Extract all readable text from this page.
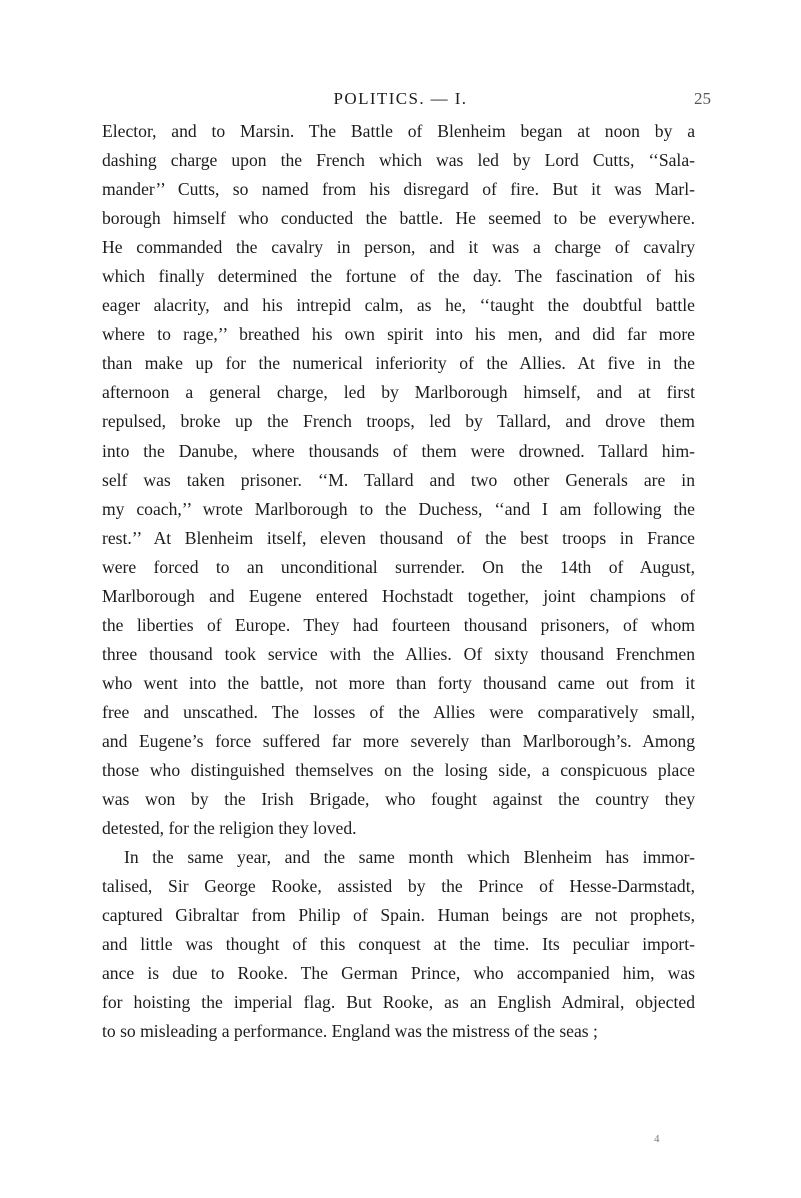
POLITICS. — I.	25
Elector, and to Marsin. The Battle of Blenheim began at noon by a
dashing charge upon the French which was led by Lord Cutts, ‘‘Sala-
mander’’ Cutts, so named from his disregard of fire. But it was Marl-
borough himself who conducted the battle. He seemed to be everywhere.
He commanded the cavalry in person, and it was a charge of cavalry
which finally determined the fortune of the day. The fascination of his
eager alacrity, and his intrepid calm, as he, ‘‘taught the doubtful battle
where to rage,’’ breathed his own spirit into his men, and did far more
than make up for the numerical inferiority of the Allies. At five in the
afternoon a general charge, led by Marlborough himself, and at first
repulsed, broke up the French troops, led by Tallard, and drove them
into the Danube, where thousands of them were drowned. Tallard him-
self was taken prisoner. ‘‘M. Tallard and two other Generals are in
my coach,’’ wrote Marlborough to the Duchess, ‘‘and I am following the
rest.’’ At Blenheim itself, eleven thousand of the best troops in France
were forced to an unconditional surrender. On the 14th of August,
Marlborough and Eugene entered Hochstadt together, joint champions of
the liberties of Europe. They had fourteen thousand prisoners, of whom
three thousand took service with the Allies. Of sixty thousand Frenchmen
who went into the battle, not more than forty thousand came out from it
free and unscathed. The losses of the Allies were comparatively small,
and Eugene’s force suffered far more severely than Marlborough’s. Among
those who distinguished themselves on the losing side, a conspicuous place
was won by the Irish Brigade, who fought against the country they
detested, for the religion they loved.
In the same year, and the same month which Blenheim has immor-
talised, Sir George Rooke, assisted by the Prince of Hesse-Darmstadt,
captured Gibraltar from Philip of Spain. Human beings are not prophets,
and little was thought of this conquest at the time. Its peculiar import-
ance is due to Rooke. The German Prince, who accompanied him, was
for hoisting the imperial flag. But Rooke, as an English Admiral, objected
to so misleading a performance. England was the mistress of the seas ;
4
